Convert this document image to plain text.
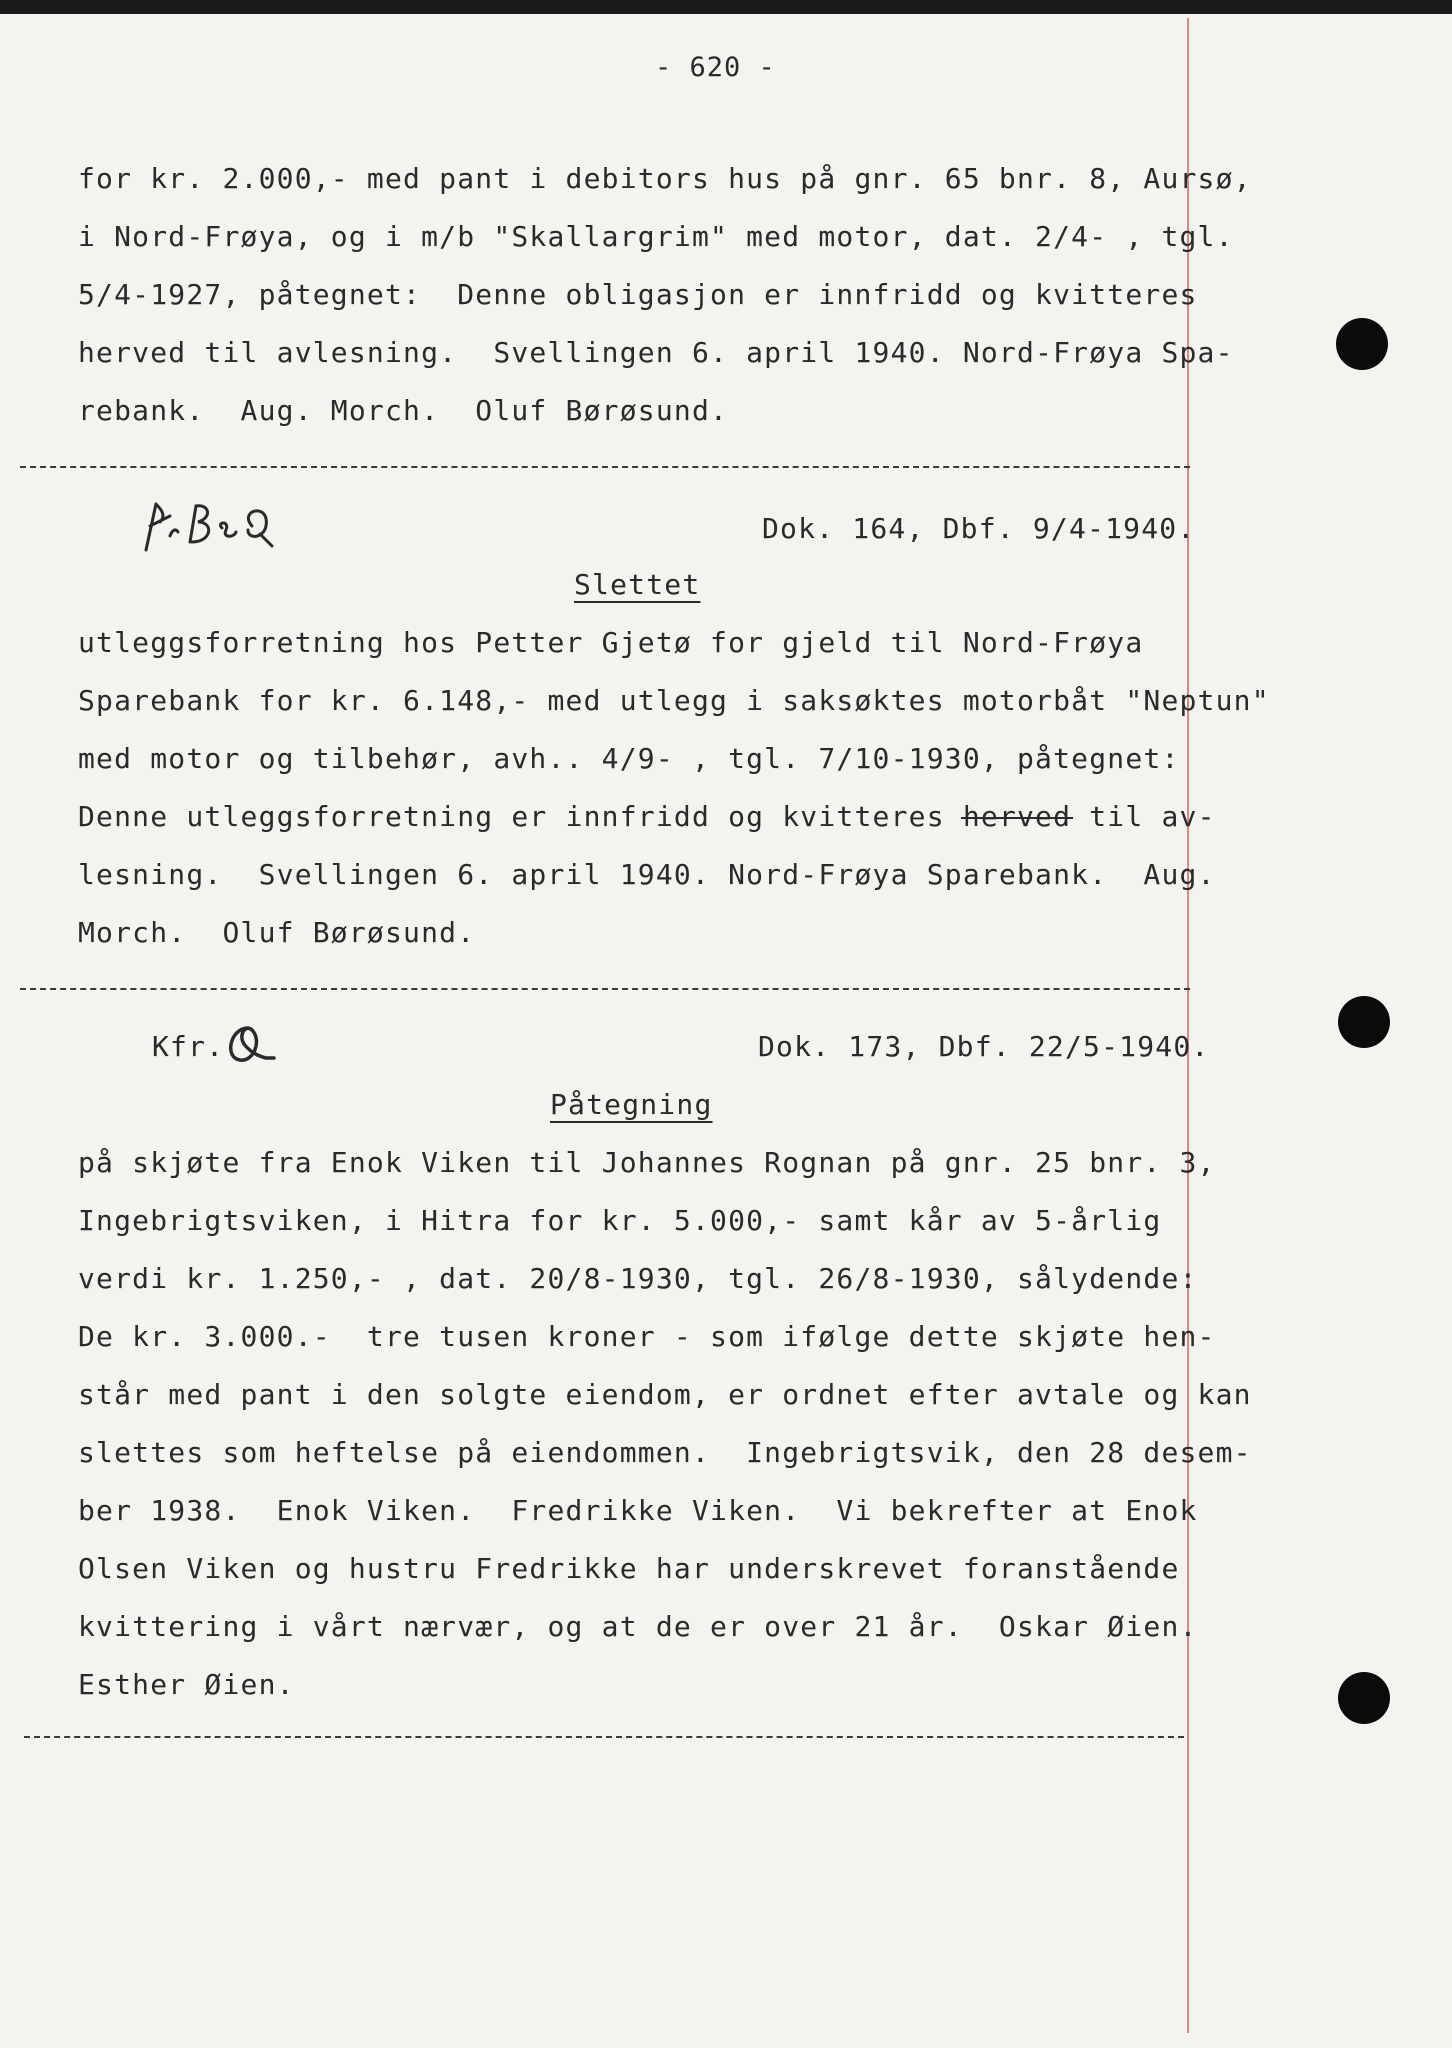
- 620 -
for kr. 2.000,- med pant i debitors hus på gnr. 65 bnr. 8, Aursø,
i Nord-Frøya, og i m/b "Skallargrim" med motor, dat. 2/4- , tgl.
5/4-1927, påtegnet:  Denne obligasjon er innfridd og kvitteres
herved til avlesning.  Svellingen 6. april 1940. Nord-Frøya Spa-
rebank.  Aug. Morch.  Oluf Børøsund.
Dok. 164, Dbf. 9/4-1940.
Slettet
utleggsforretning hos Petter Gjetø for gjeld til Nord-Frøya
Sparebank for kr. 6.148,- med utlegg i saksøktes motorbåt "Neptun"
med motor og tilbehør, avh.. 4/9- , tgl. 7/10-1930, påtegnet:
Denne utleggsforretning er innfridd og kvitteres herved til av-
lesning.  Svellingen 6. april 1940. Nord-Frøya Sparebank.  Aug.
Morch.  Oluf Børøsund.
Kfr.	Dok. 173, Dbf. 22/5-1940.
Påtegning
på skjøte fra Enok Viken til Johannes Rognan på gnr. 25 bnr. 3,
Ingebrigtsviken, i Hitra for kr. 5.000,- samt kår av 5-årlig
verdi kr. 1.250,- , dat. 20/8-1930, tgl. 26/8-1930, sålydende:
De kr. 3.000.-  tre tusen kroner - som ifølge dette skjøte hen-
står med pant i den solgte eiendom, er ordnet efter avtale og kan
slettes som heftelse på eiendommen.  Ingebrigtsvik, den 28 desem-
ber 1938.  Enok Viken.  Fredrikke Viken.  Vi bekrefter at Enok
Olsen Viken og hustru Fredrikke har underskrevet foranstående
kvittering i vårt nærvær, og at de er over 21 år.  Oskar Øien.
Esther Øien.
